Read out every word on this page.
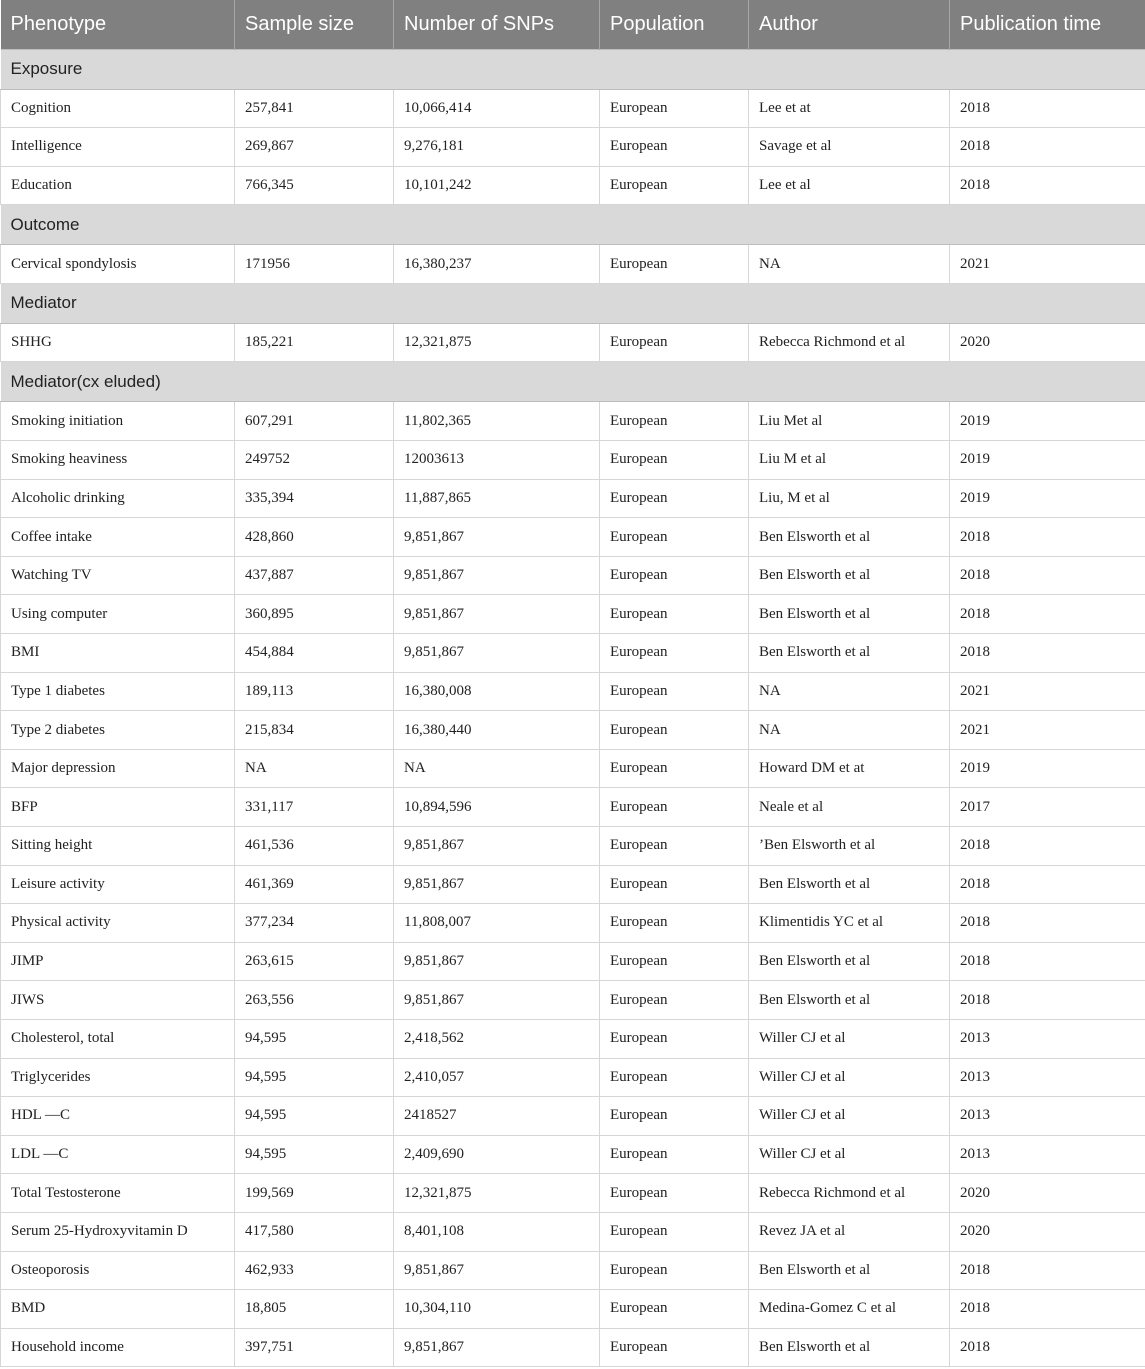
Phenotype	Sample size	Number of SNPs	Population	Author	Publication time
Exposure					
Cognition	257,841	10,066,414	European	Lee et at	2018
Intelligence	269,867	9,276,181	European	Savage et al	2018
Education	766,345	10,101,242	European	Lee et al	2018
Outcome					
Cervical spondylosis	171956	16,380,237	European	NA	2021
Mediator					
SHHG	185,221	12,321,875	European	Rebecca Richmond et al	2020
Mediator(cx eluded)					
Smoking initiation	607,291	11,802,365	European	Liu Met al	2019
Smoking heaviness	249752	12003613	European	Liu M et al	2019
Alcoholic drinking	335,394	11,887,865	European	Liu, M et al	2019
Coffee intake	428,860	9,851,867	European	Ben Elsworth et al	2018
Watching TV	437,887	9,851,867	European	Ben Elsworth et al	2018
Using computer	360,895	9,851,867	European	Ben Elsworth et al	2018
BMI	454,884	9,851,867	European	Ben Elsworth et al	2018
Type 1 diabetes	189,113	16,380,008	European	NA	2021
Type 2 diabetes	215,834	16,380,440	European	NA	2021
Major depression	NA	NA	European	Howard DM et at	2019
BFP	331,117	10,894,596	European	Neale et al	2017
Sitting height	461,536	9,851,867	European	’Ben Elsworth et al	2018
Leisure activity	461,369	9,851,867	European	Ben Elsworth et al	2018
Physical activity	377,234	11,808,007	European	Klimentidis YC et al	2018
JIMP	263,615	9,851,867	European	Ben Elsworth et al	2018
JIWS	263,556	9,851,867	European	Ben Elsworth et al	2018
Cholesterol, total	94,595	2,418,562	European	Willer CJ et al	2013
Triglycerides	94,595	2,410,057	European	Willer CJ et al	2013
HDL —C	94,595	2418527	European	Willer CJ et al	2013
LDL —C	94,595	2,409,690	European	Willer CJ et al	2013
Total Testosterone	199,569	12,321,875	European	Rebecca Richmond et al	2020
Serum 25-Hydroxyvitamin D	417,580	8,401,108	European	Revez JA et al	2020
Osteoporosis	462,933	9,851,867	European	Ben Elsworth et al	2018
BMD	18,805	10,304,110	European	Medina-Gomez C et al	2018
Household income	397,751	9,851,867	European	Ben Elsworth et al	2018
